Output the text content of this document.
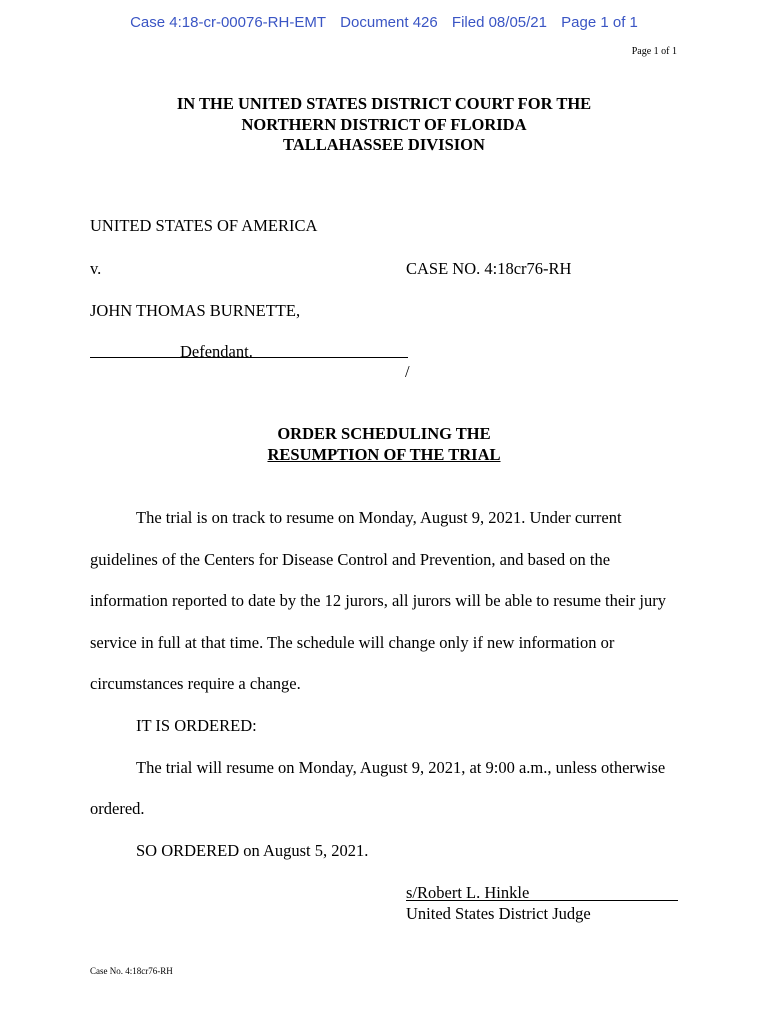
Case 4:18-cr-00076-RH-EMT Document 426 Filed 08/05/21 Page 1 of 1
Page 1 of 1
IN THE UNITED STATES DISTRICT COURT FOR THE
NORTHERN DISTRICT OF FLORIDA
TALLAHASSEE DIVISION
UNITED STATES OF AMERICA
v.	CASE NO. 4:18cr76-RH
JOHN THOMAS BURNETTE,
Defendant.
/
ORDER SCHEDULING THE
RESUMPTION OF THE TRIAL

The trial is on track to resume on Monday, August 9, 2021. Under current guidelines of the Centers for Disease Control and Prevention, and based on the information reported to date by the 12 jurors, all jurors will be able to resume their jury service in full at that time. The schedule will change only if new information or circumstances require a change.

IT IS ORDERED:

The trial will resume on Monday, August 9, 2021, at 9:00 a.m., unless otherwise ordered.

SO ORDERED on August 5, 2021.

s/Robert L. Hinkle
United States District Judge
Case No. 4:18cr76-RH
